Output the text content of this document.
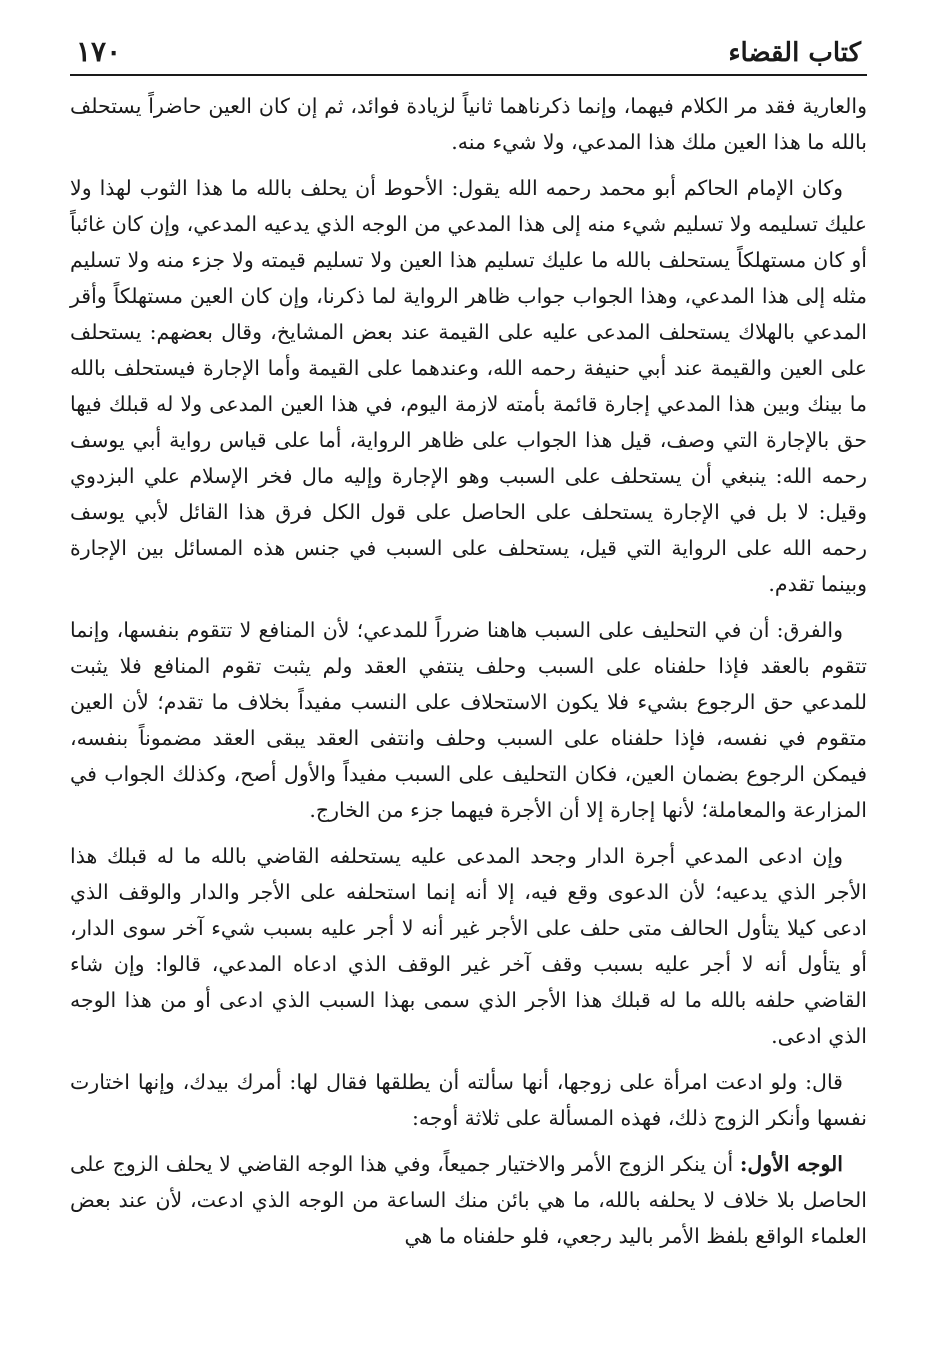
١٧٠	كتاب القضاء

والعارية فقد مر الكلام فيهما، وإنما ذكرناهما ثانياً لزيادة فوائد، ثم إن كان العين حاضراً يستحلف بالله ما هذا العين ملك هذا المدعي، ولا شيء منه.

وكان الإمام الحاكم أبو محمد رحمه الله يقول: الأحوط أن يحلف بالله ما هذا الثوب لهذا ولا عليك تسليمه ولا تسليم شيء منه إلى هذا المدعي من الوجه الذي يدعيه المدعي، وإن كان غائباً أو كان مستهلكاً يستحلف بالله ما عليك تسليم هذا العين ولا تسليم قيمته ولا جزء منه ولا تسليم مثله إلى هذا المدعي، وهذا الجواب جواب ظاهر الرواية لما ذكرنا، وإن كان العين مستهلكاً وأقر المدعي بالهلاك يستحلف المدعى عليه على القيمة عند بعض المشايخ، وقال بعضهم: يستحلف على العين والقيمة عند أبي حنيفة رحمه الله، وعندهما على القيمة وأما الإجارة فيستحلف بالله ما بينك وبين هذا المدعي إجارة قائمة بأمته لازمة اليوم، في هذا العين المدعى ولا له قبلك فيها حق بالإجارة التي وصف، قيل هذا الجواب على ظاهر الرواية، أما على قياس رواية أبي يوسف رحمه الله: ينبغي أن يستحلف على السبب وهو الإجارة وإليه مال فخر الإسلام علي البزدوي وقيل: لا بل في الإجارة يستحلف على الحاصل على قول الكل فرق هذا القائل لأبي يوسف رحمه الله على الرواية التي قيل، يستحلف على السبب في جنس هذه المسائل بين الإجارة وبينما تقدم.

والفرق: أن في التحليف على السبب هاهنا ضرراً للمدعي؛ لأن المنافع لا تتقوم بنفسها، وإنما تتقوم بالعقد فإذا حلفناه على السبب وحلف ينتفي العقد ولم يثبت تقوم المنافع فلا يثبت للمدعي حق الرجوع بشيء فلا يكون الاستحلاف على النسب مفيداً بخلاف ما تقدم؛ لأن العين متقوم في نفسه، فإذا حلفناه على السبب وحلف وانتفى العقد يبقى العقد مضموناً بنفسه، فيمكن الرجوع بضمان العين، فكان التحليف على السبب مفيداً والأول أصح، وكذلك الجواب في المزارعة والمعاملة؛ لأنها إجارة إلا أن الأجرة فيهما جزء من الخارج.

وإن ادعى المدعي أجرة الدار وجحد المدعى عليه يستحلفه القاضي بالله ما له قبلك هذا الأجر الذي يدعيه؛ لأن الدعوى وقع فيه، إلا أنه إنما استحلفه على الأجر والدار والوقف الذي ادعى كيلا يتأول الحالف متى حلف على الأجر غير أنه لا أجر عليه بسبب شيء آخر سوى الدار، أو يتأول أنه لا أجر عليه بسبب وقف آخر غير الوقف الذي ادعاه المدعي، قالوا: وإن شاء القاضي حلفه بالله ما له قبلك هذا الأجر الذي سمى بهذا السبب الذي ادعى أو من هذا الوجه الذي ادعى.

قال: ولو ادعت امرأة على زوجها، أنها سألته أن يطلقها فقال لها: أمرك بيدك، وإنها اختارت نفسها وأنكر الزوج ذلك، فهذه المسألة على ثلاثة أوجه:

الوجه الأول: أن ينكر الزوج الأمر والاختيار جميعاً، وفي هذا الوجه القاضي لا يحلف الزوج على الحاصل بلا خلاف لا يحلفه بالله، ما هي بائن منك الساعة من الوجه الذي ادعت، لأن عند بعض العلماء الواقع بلفظ الأمر باليد رجعي، فلو حلفناه ما هي
